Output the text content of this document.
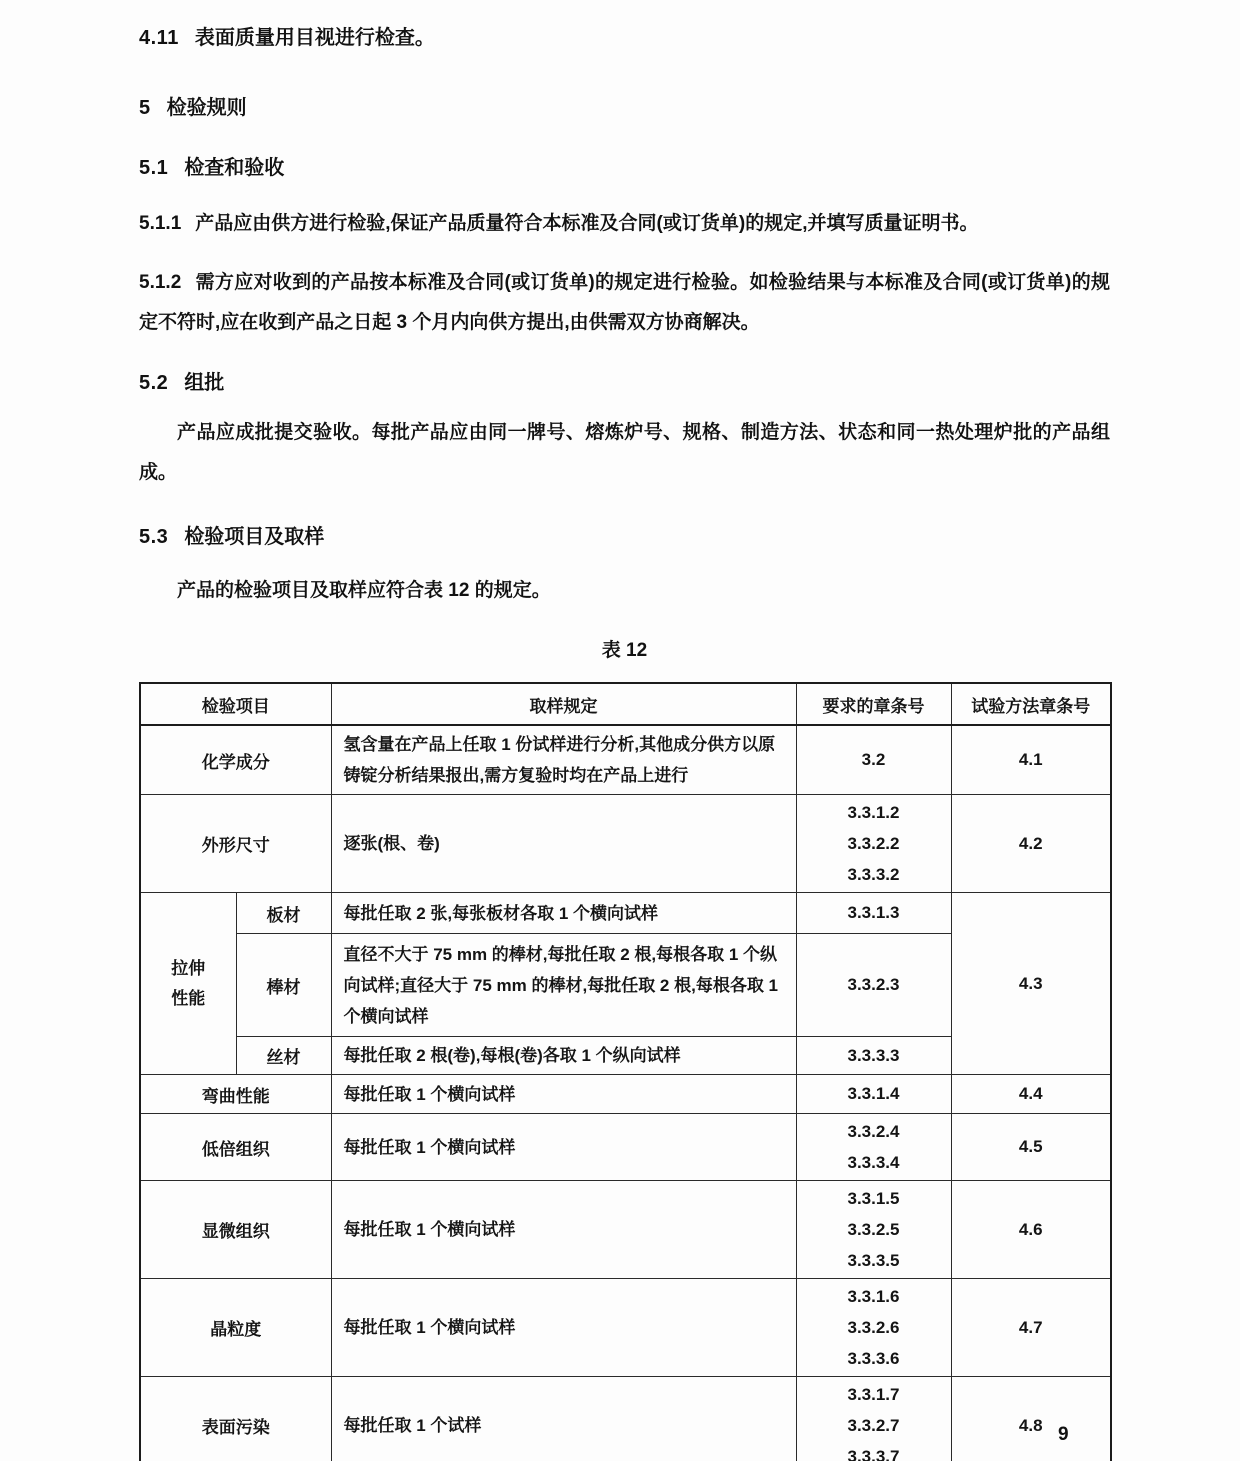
4.11 表面质量用目视进行检查。
5 检验规则
5.1 检查和验收

5.1.1 产品应由供方进行检验,保证产品质量符合本标准及合同(或订货单)的规定,并填写质量证明书。

5.1.2 需方应对收到的产品按本标准及合同(或订货单)的规定进行检验。如检验结果与本标准及合同(或订货单)的规定不符时,应在收到产品之日起 3 个月内向供方提出,由供需双方协商解决。

5.2 组批

产品应成批提交验收。每批产品应由同一牌号、熔炼炉号、规格、制造方法、状态和同一热处理炉批的产品组成。

5.3 检验项目及取样

产品的检验项目及取样应符合表 12 的规定。

表 12
检验项目		取样规定	要求的章条号	试验方法章条号
化学成分		氢含量在产品上任取 1 份试样进行分析,其他成分供方以原铸锭分析结果报出,需方复验时均在产品上进行	3.2	4.1
外形尺寸		逐张(根、卷)	3.3.1.2
3.3.2.2
3.3.3.2	4.2

拉伸
性能	板材	每批任取 2 张,每张板材各取 1 个横向试样	3.3.1.3	4.3
	棒材	直径不大于 75 mm 的棒材,每批任取 2 根,每根各取 1 个纵向试样;直径大于 75 mm 的棒材,每批任取 2 根,每根各取 1 个横向试样	3.3.2.3	
	丝材	每批任取 2 根(卷),每根(卷)各取 1 个纵向试样	3.3.3.3	
弯曲性能		每批任取 1 个横向试样	3.3.1.4	4.4
低倍组织		每批任取 1 个横向试样	3.3.2.4
3.3.3.4	4.5
显微组织		每批任取 1 个横向试样	3.3.1.5
3.3.2.5
3.3.3.5	4.6
晶粒度		每批任取 1 个横向试样	3.3.1.6
3.3.2.6
3.3.3.6	4.7
表面污染		每批任取 1 个试样	3.3.1.7
3.3.2.7
3.3.3.7	4.8 9
